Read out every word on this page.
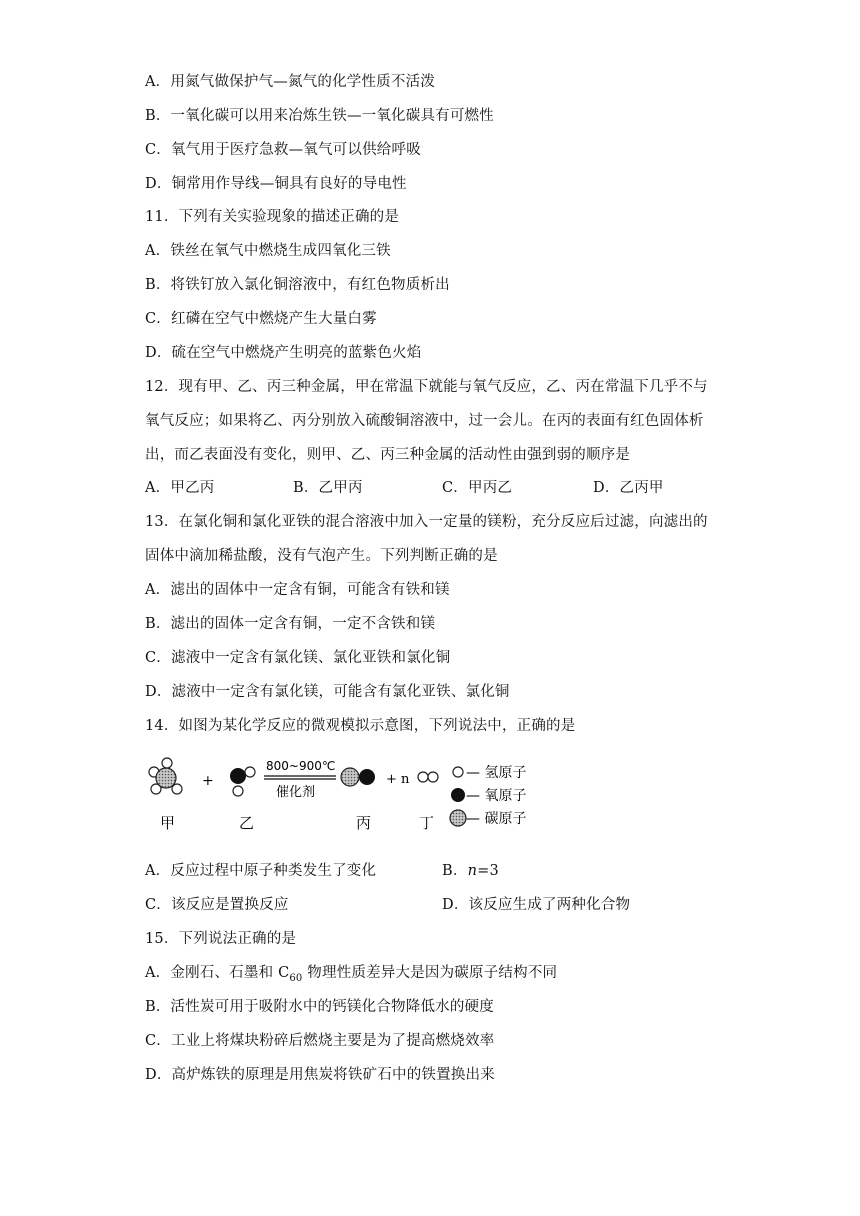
A．用氮气做保护气—氮气的化学性质不活泼
B．一氧化碳可以用来冶炼生铁—一氧化碳具有可燃性
C．氧气用于医疗急救—氧气可以供给呼吸
D．铜常用作导线—铜具有良好的导电性
11．下列有关实验现象的描述正确的是
A．铁丝在氧气中燃烧生成四氧化三铁
B．将铁钉放入氯化铜溶液中，有红色物质析出
C．红磷在空气中燃烧产生大量白雾
D．硫在空气中燃烧产生明亮的蓝紫色火焰
12．现有甲、乙、丙三种金属，甲在常温下就能与氧气反应，乙、丙在常温下几乎不与
氧气反应；如果将乙、丙分别放入硫酸铜溶液中，过一会儿。在丙的表面有红色固体析
出，而乙表面没有变化，则甲、乙、丙三种金属的活动性由强到弱的顺序是
A．甲乙丙	B．乙甲丙	C．甲丙乙	D．乙丙甲
13．在氯化铜和氯化亚铁的混合溶液中加入一定量的镁粉，充分反应后过滤，向滤出的
固体中滴加稀盐酸，没有气泡产生。下列判断正确的是
A．滤出的固体中一定含有铜，可能含有铁和镁
B．滤出的固体一定含有铜，一定不含铁和镁
C．滤液中一定含有氯化镁、氯化亚铁和氯化铜
D．滤液中一定含有氯化镁，可能含有氯化亚铁、氯化铜
14．如图为某化学反应的微观模拟示意图，下列说法中，正确的是
+
800~900℃
催化剂
+ n	— 氢原子
— 氧原子
— 碳原子
甲	乙	丙	丁
A．反应过程中原子种类发生了变化	B．n=3
C．该反应是置换反应	D．该反应生成了两种化合物
15．下列说法正确的是
A．金刚石、石墨和 $C_{60}$ 物理性质差异大是因为碳原子结构不同
B．活性炭可用于吸附水中的钙镁化合物降低水的硬度
C．工业上将煤块粉碎后燃烧主要是为了提高燃烧效率
D．高炉炼铁的原理是用焦炭将铁矿石中的铁置换出来
